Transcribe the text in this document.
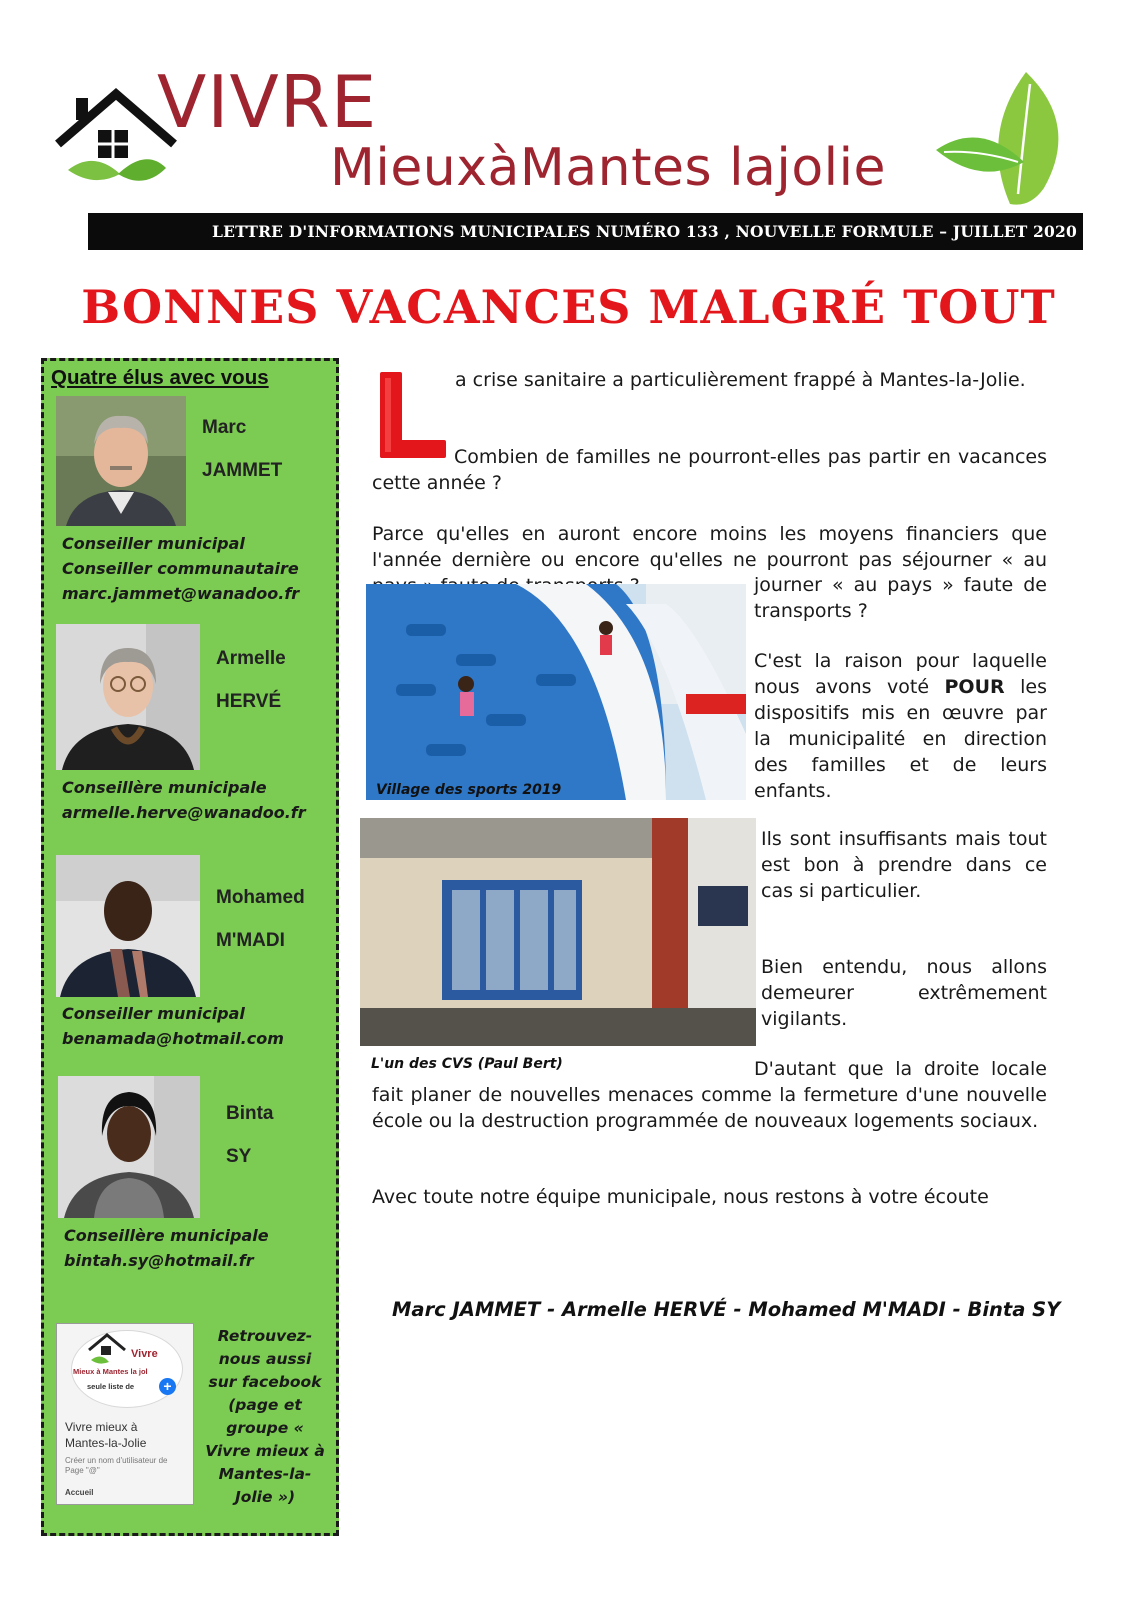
VIVRE
MieuxàMantes lajolie
LETTRE D'INFORMATIONS MUNICIPALES NUMÉRO 133 , NOUVELLE FORMULE – JUILLET 2020
BONNES VACANCES MALGRÉ TOUT
Quatre élus avec vous
Marc
JAMMET
Conseiller municipal
Conseiller communautaire
marc.jammet@wanadoo.fr
Armelle
HERVÉ
Conseillère municipale
armelle.herve@wanadoo.fr
Mohamed
M'MADI
Conseiller municipal
benamada@hotmail.com
Binta
SY
Conseillère municipale
bintah.sy@hotmail.fr
Vivre
Mieux à Mantes la jol
seule liste de	+
Vivre mieux à
Mantes-la-Jolie
Créer un nom d'utilisateur de Page "@"
Accueil
Retrouvez-nous aussi sur facebook (page et groupe « Vivre mieux à Mantes-la-Jolie »)
a crise sanitaire a particulièrement frappé à Mantes-la-Jolie.
Combien de familles ne pourront-elles pas partir en vacances cette année ?
Parce qu'elles en auront encore moins les moyens financiers que l'année dernière ou encore qu'elles ne pourront pas séjourner « au
journer « au pays » faute de transports ?
Village des sports 2019
C'est la raison pour laquelle nous avons voté POUR les dispositifs mis en œuvre par la municipalité en direction des familles et de leurs enfants.
Ils sont insuffisants mais tout est bon à prendre dans ce cas si particulier.
Bien entendu, nous allons demeurer extrêmement vigilants.
L'un des CVS (Paul Bert)	D'autant que la droite locale fait planer de nouvelles menaces comme la fermeture d'une nouvelle école ou la destruction programmée de nouveaux logements sociaux.
Avec toute notre équipe municipale, nous restons à votre écoute
Marc JAMMET - Armelle HERVÉ - Mohamed M'MADI - Binta SY
